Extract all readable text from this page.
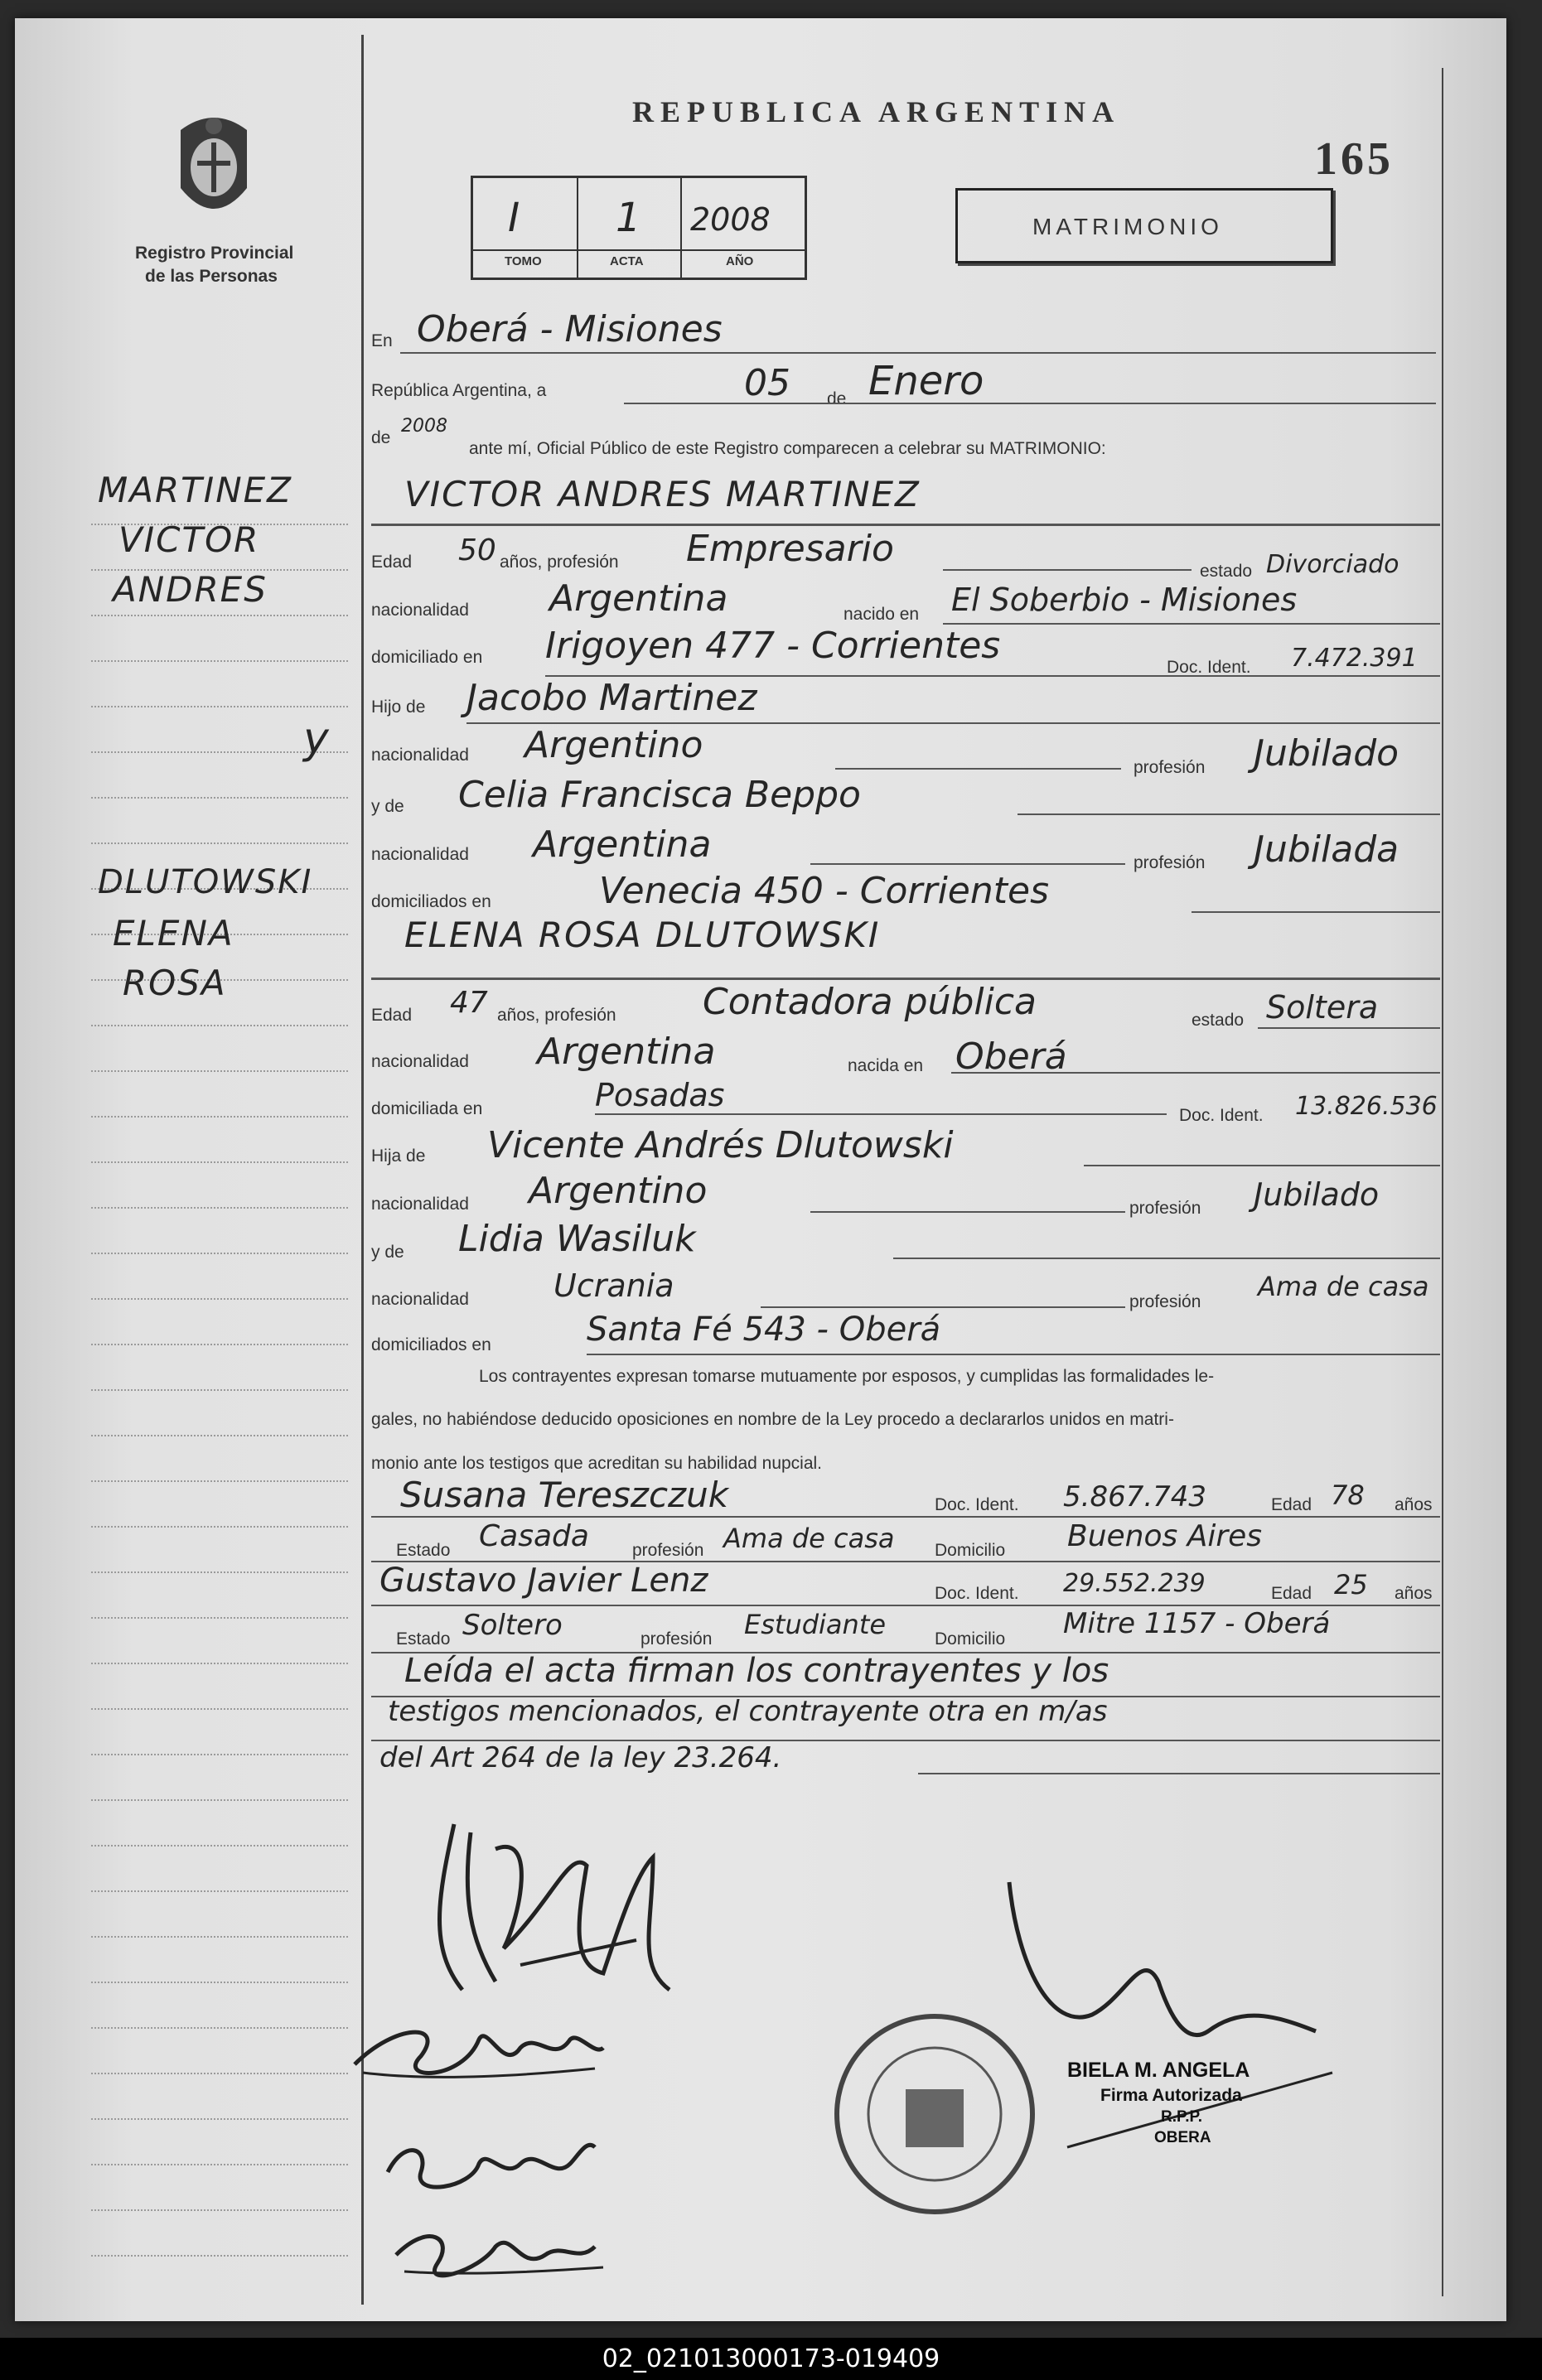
Registro Provincial
de las Personas
MARTINEZ
VICTOR
ANDRES
y
DLUTOWSKI
ELENA
ROSA
REPUBLICA ARGENTINA
165
I 1 2008
TOMO	ACTA	AÑO
MATRIMONIO
En Oberá - Misiones
República Argentina, a	05 de Enero
de
2008
ante mí, Oficial Público de este Registro comparecen a celebrar su MATRIMONIO:
VICTOR ANDRES MARTINEZ
Edad 50 años, profesión Empresario
estado Divorciado
nacionalidad Argentina	nacido en El Soberbio - Misiones
domiciliado en Irigoyen 477 - Corrientes
Doc. Ident. 7.472.391
Hijo de Jacobo Martinez
nacionalidad Argentino
profesión Jubilado
y de Celia Francisca Beppo
nacionalidad Argentina	profesión Jubilada
domiciliados en	Venecia 450 - Corrientes
ELENA ROSA DLUTOWSKI
Edad 47 años, profesión Contadora pública	estado Soltera
nacionalidad Argentina	nacida en Oberá
domiciliada en	Posadas
Doc. Ident. 13.826.536
Hija de Vicente Andrés Dlutowski
nacionalidad Argentino	profesión Jubilado
y de Lidia Wasiluk
nacionalidad	Ucrania	profesión Ama de casa
domiciliados en	Santa Fé 543 - Oberá
Los contrayentes expresan tomarse mutuamente por esposos, y cumplidas las formalidades le-
gales, no habiéndose deducido oposiciones en nombre de la Ley procedo a declararlos unidos en matri-
monio ante los testigos que acreditan su habilidad nupcial.
Susana Tereszczuk	Doc. Ident. 5.867.743	Edad 78 años
Estado Casada profesión Ama de casa Domicilio Buenos Aires
Gustavo Javier Lenz	Doc. Ident. 29.552.239	Edad 25 años
Estado Soltero	profesión Estudiante	Domicilio Mitre 1157 - Oberá
Leída el acta firman los contrayentes y los
testigos mencionados, el contrayente otra en m/as
del Art 264 de la ley 23.264.
BIELA M. ANGELA
Firma Autorizada
R.P.P.
OBERA
02_021013000173-019409
